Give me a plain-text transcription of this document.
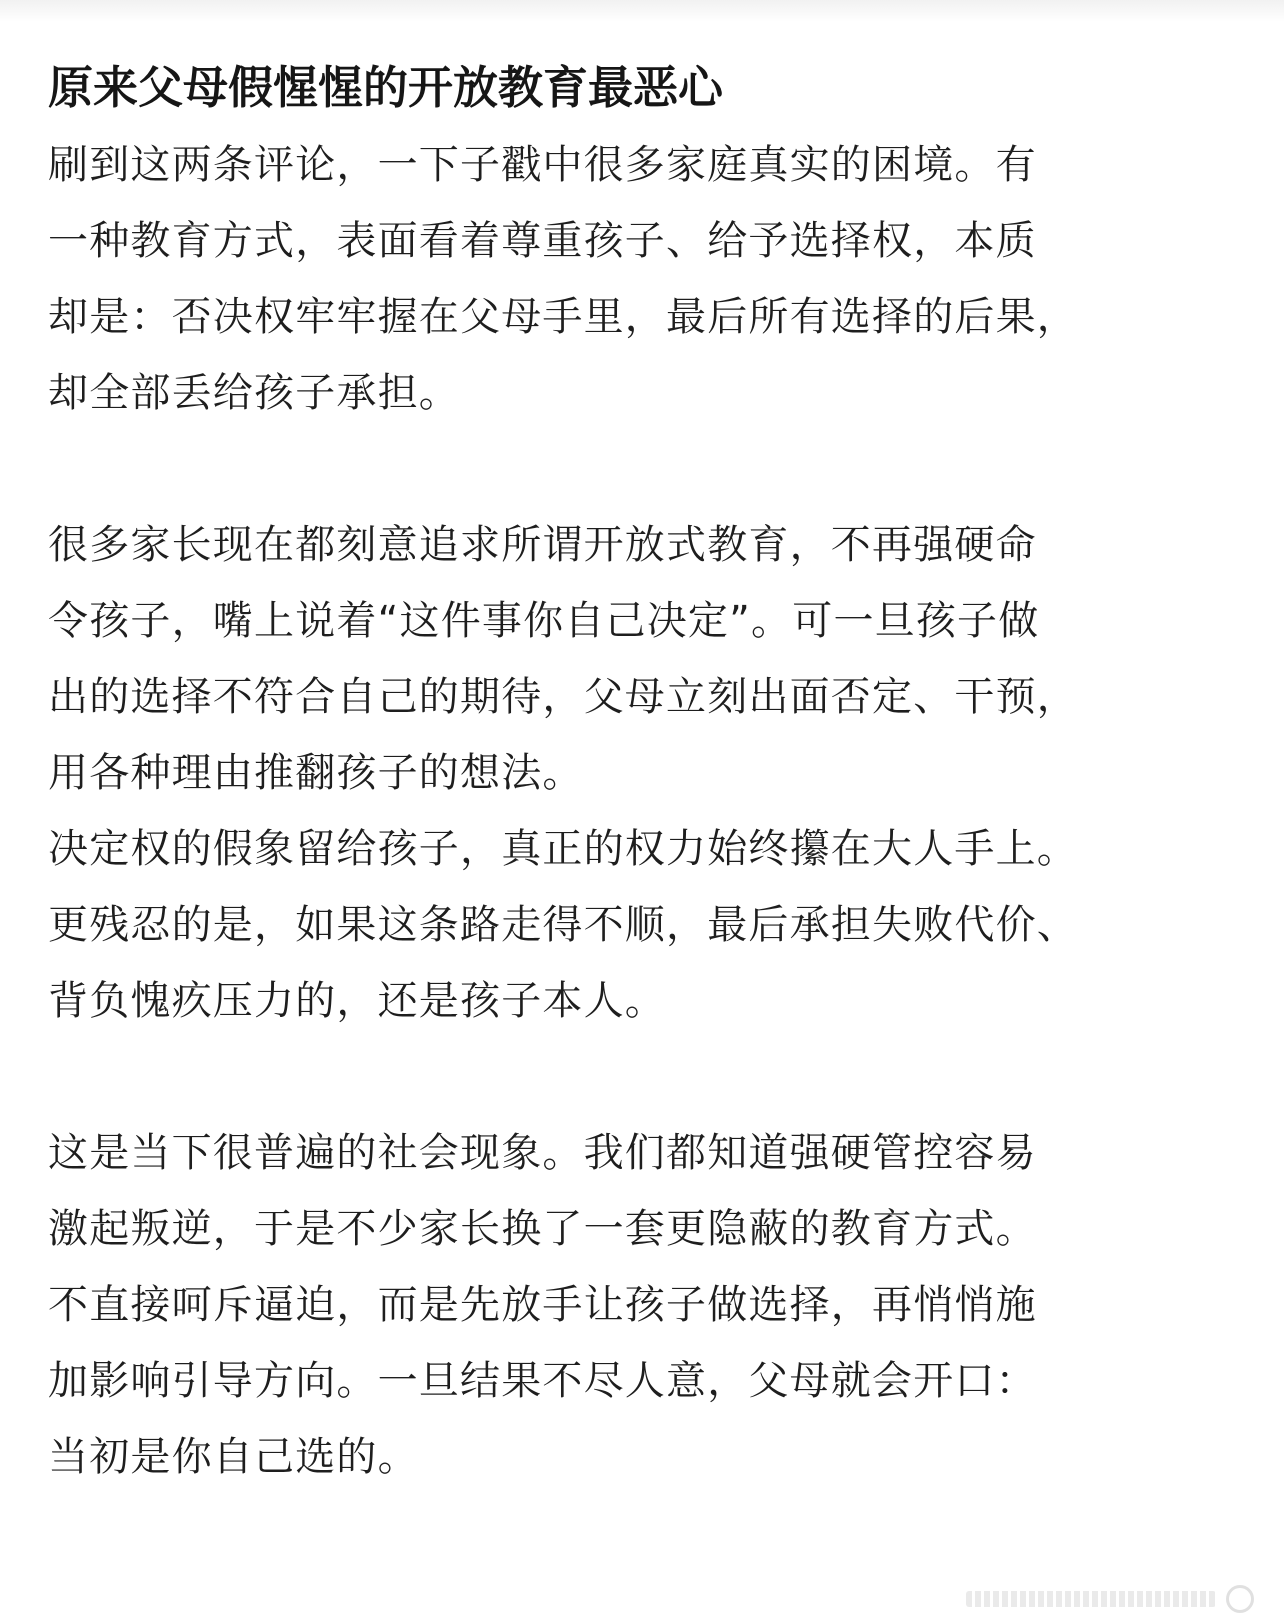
原来父母假惺惺的开放教育最恶心
刷到这两条评论，一下子戳中很多家庭真实的困境。有
一种教育方式，表面看着尊重孩子、给予选择权，本质
却是：否决权牢牢握在父母手里，最后所有选择的后果，
却全部丢给孩子承担。
很多家长现在都刻意追求所谓开放式教育，不再强硬命
令孩子，嘴上说着“这件事你自己决定”。可一旦孩子做
出的选择不符合自己的期待，父母立刻出面否定、干预，
用各种理由推翻孩子的想法。
决定权的假象留给孩子，真正的权力始终攥在大人手上。
更残忍的是，如果这条路走得不顺，最后承担失败代价、
背负愧疚压力的，还是孩子本人。
这是当下很普遍的社会现象。我们都知道强硬管控容易
激起叛逆，于是不少家长换了一套更隐蔽的教育方式。
不直接呵斥逼迫，而是先放手让孩子做选择，再悄悄施
加影响引导方向。一旦结果不尽人意，父母就会开口：
当初是你自己选的。
